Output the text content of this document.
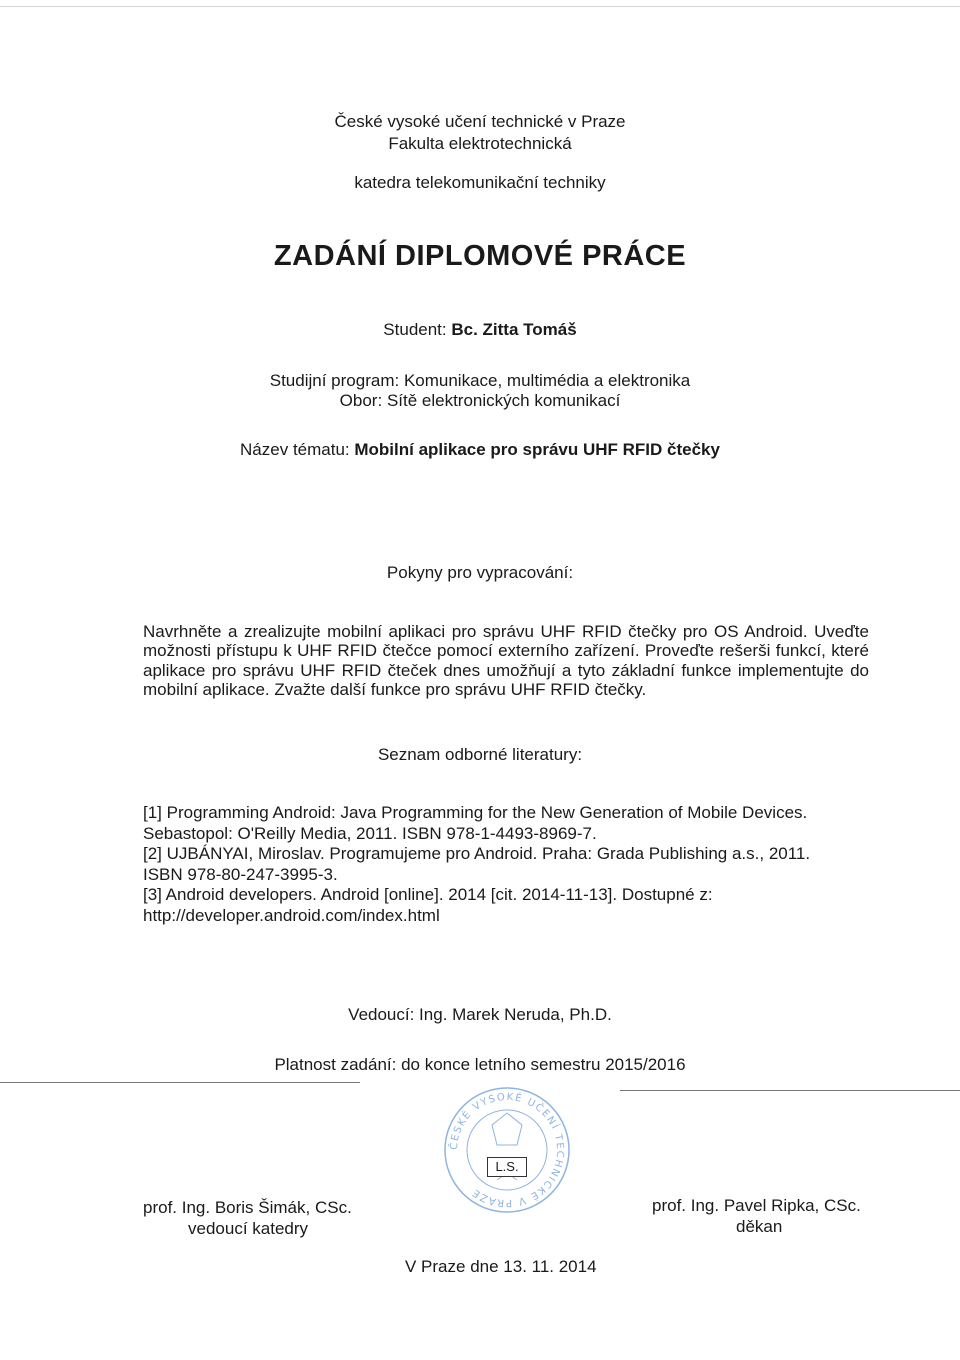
České vysoké učení technické v Praze
Fakulta elektrotechnická
katedra telekomunikační techniky
ZADÁNÍ DIPLOMOVÉ PRÁCE
Student: Bc. Zitta Tomáš
Studijní program: Komunikace, multimédia a elektronika
Obor: Sítě elektronických komunikací
Název tématu: Mobilní aplikace pro správu UHF RFID čtečky
Pokyny pro vypracování:
Navrhněte a zrealizujte mobilní aplikaci pro správu UHF RFID čtečky pro OS Android. Uveďte možnosti přístupu k UHF RFID čtečce pomocí externího zařízení. Proveďte rešerši funkcí, které aplikace pro správu UHF RFID čteček dnes umožňují a tyto základní funkce implementujte do mobilní aplikace. Zvažte další funkce pro správu UHF RFID čtečky.
Seznam odborné literatury:
[1] Programming Android: Java Programming for the New Generation of Mobile Devices.
Sebastopol: O'Reilly Media, 2011. ISBN 978-1-4493-8969-7.
[2] UJBÁNYAI, Miroslav. Programujeme pro Android. Praha: Grada Publishing a.s., 2011.
ISBN 978-80-247-3995-3.
[3] Android developers. Android [online]. 2014 [cit. 2014-11-13]. Dostupné z:
http://developer.android.com/index.html
Vedoucí: Ing. Marek Neruda, Ph.D.
Platnost zadání: do konce letního semestru 2015/2016
ČESKÉ VYSOKÉ UČENÍ TECHNICKÉ V PRAZE
L.S.
prof. Ing. Boris Šimák, CSc.
vedoucí katedry
prof. Ing. Pavel Ripka, CSc.
děkan
V Praze dne 13. 11. 2014
